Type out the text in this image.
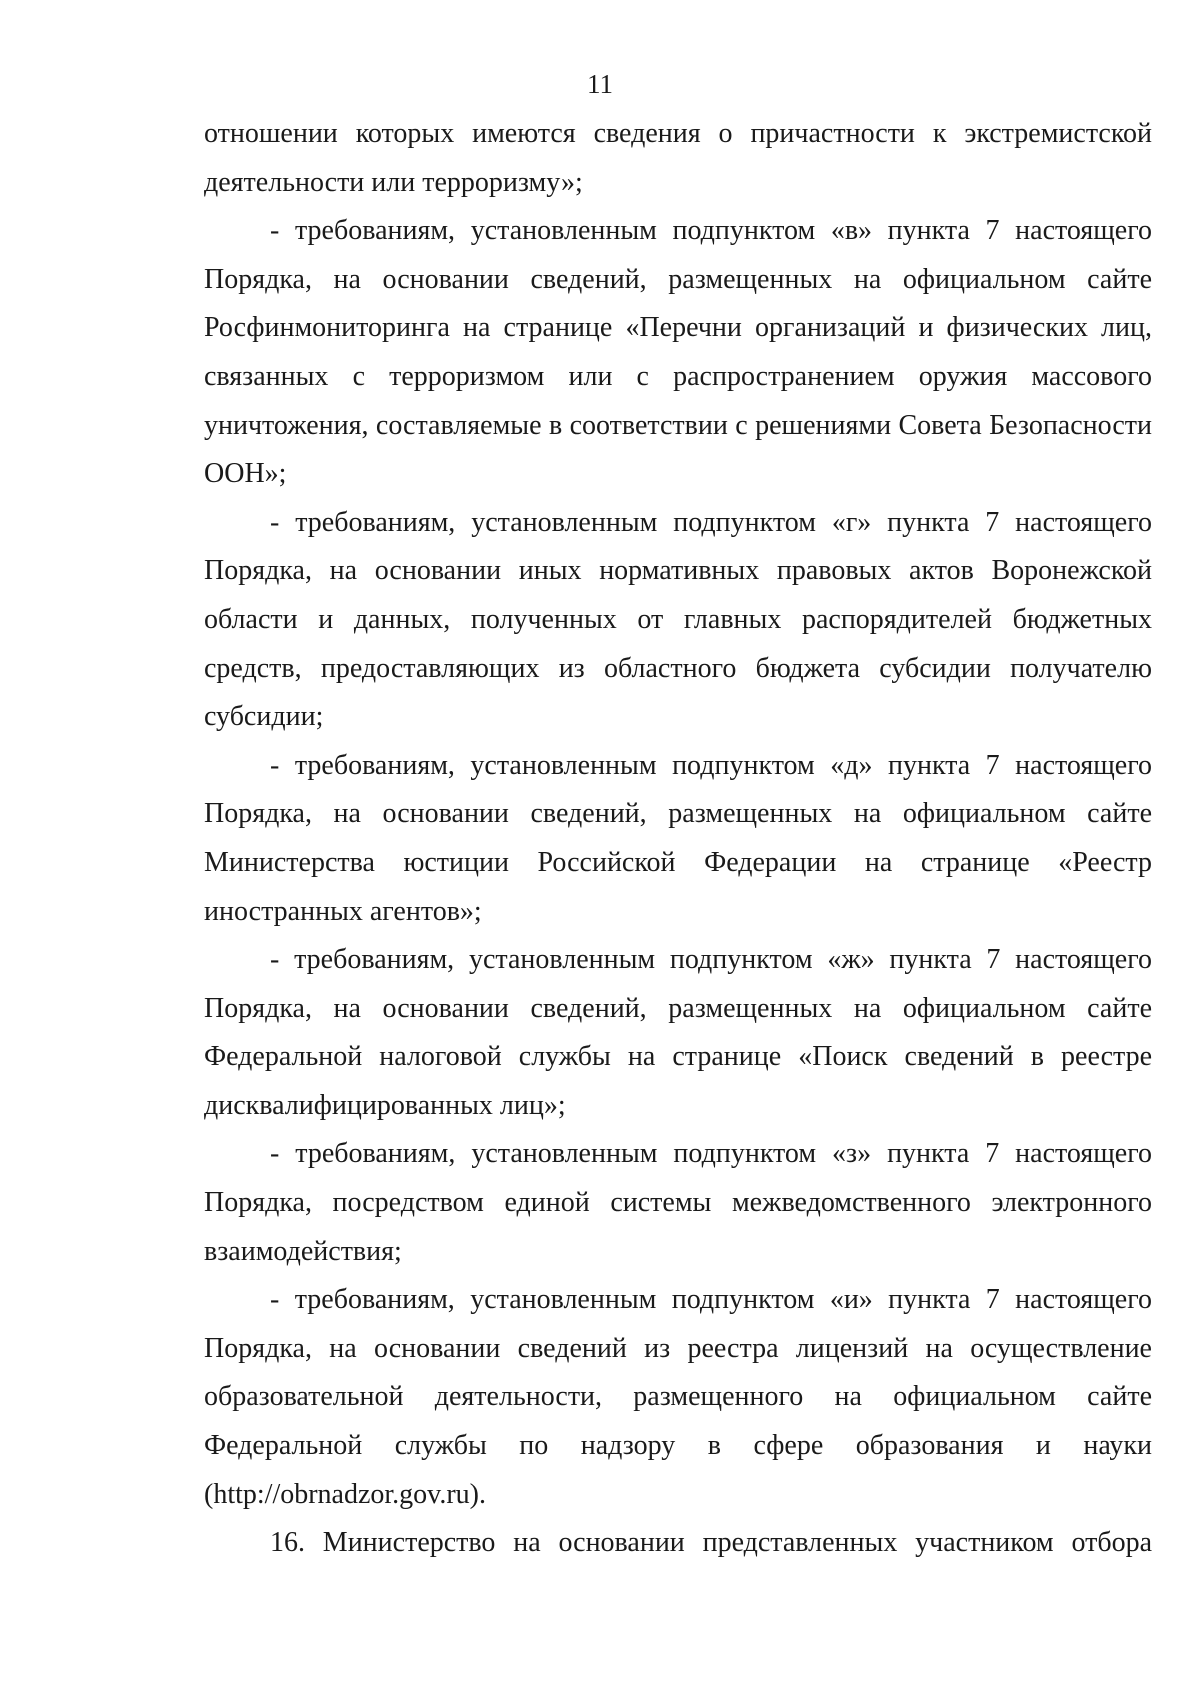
11

отношении которых имеются сведения о причастности к экстремистской деятельности или терроризму»;

- требованиям, установленным подпунктом «в» пункта 7 настоящего Порядка, на основании сведений, размещенных на официальном сайте Росфинмониторинга на странице «Перечни организаций и физических лиц, связанных с терроризмом или с распространением оружия массового уничтожения, составляемые в соответствии с решениями Совета Безопасности ООН»;

- требованиям, установленным подпунктом «г» пункта 7 настоящего Порядка, на основании иных нормативных правовых актов Воронежской области и данных, полученных от главных распорядителей бюджетных средств, предоставляющих из областного бюджета субсидии получателю субсидии;

- требованиям, установленным подпунктом «д» пункта 7 настоящего Порядка, на основании сведений, размещенных на официальном сайте Министерства юстиции Российской Федерации на странице «Реестр иностранных агентов»;

- требованиям, установленным подпунктом «ж» пункта 7 настоящего Порядка, на основании сведений, размещенных на официальном сайте Федеральной налоговой службы на странице «Поиск сведений в реестре дисквалифицированных лиц»;

- требованиям, установленным подпунктом «з» пункта 7 настоящего Порядка, посредством единой системы межведомственного электронного взаимодействия;

- требованиям, установленным подпунктом «и» пункта 7 настоящего Порядка, на основании сведений из реестра лицензий на осуществление образовательной деятельности, размещенного на официальном сайте Федеральной службы по надзору в сфере образования и науки (http://obrnadzor.gov.ru).

16. Министерство на основании представленных участником отбора
